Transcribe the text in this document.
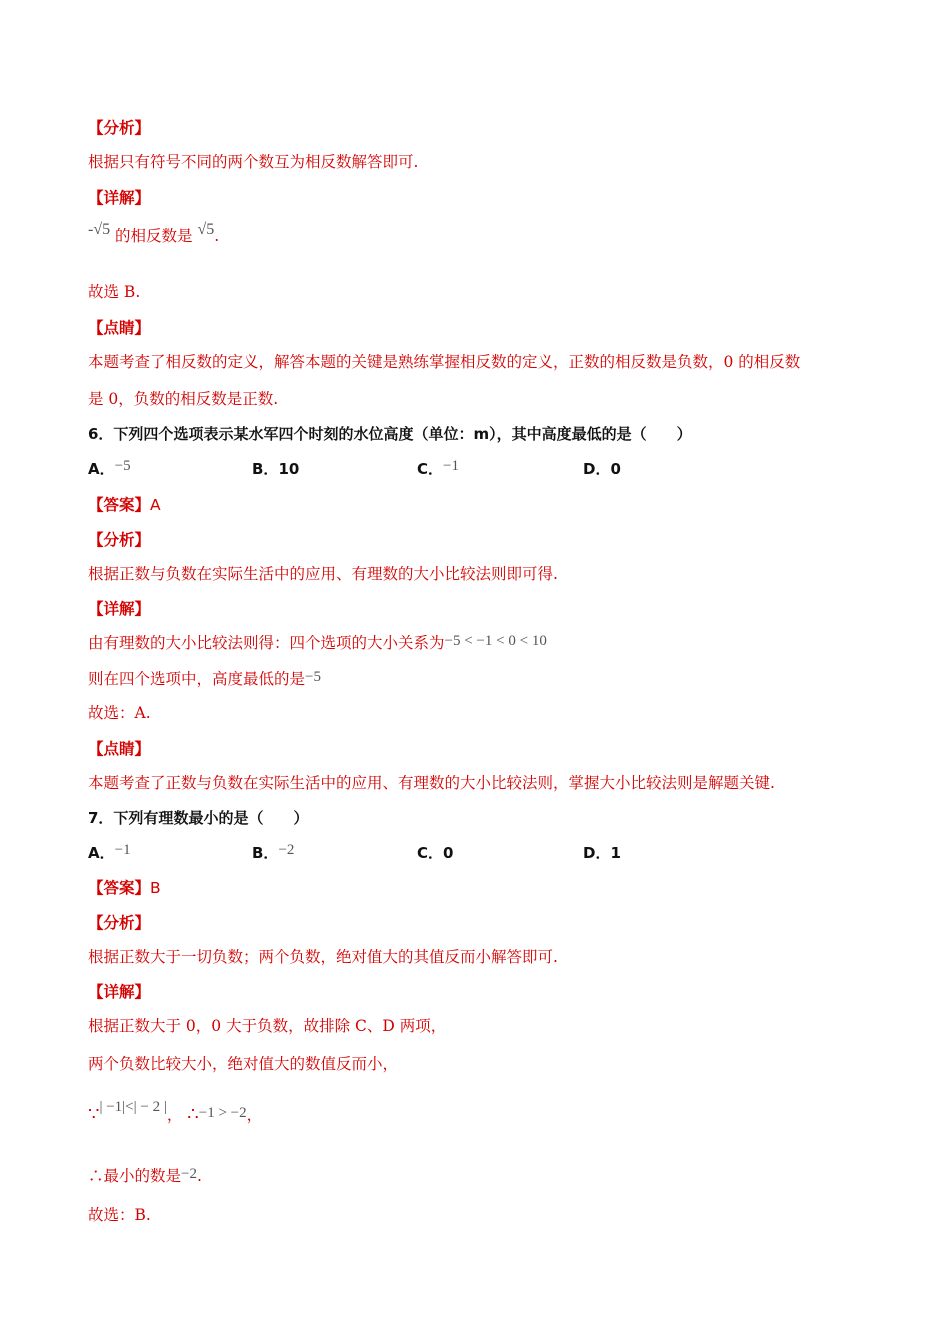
【分析】
根据只有符号不同的两个数互为相反数解答即可.
【详解】
-√5 的相反数是 √5.
故选 B.
【点睛】
本题考查了相反数的定义，解答本题的关键是熟练掌握相反数的定义，正数的相反数是负数，0 的相反数
是 0，负数的相反数是正数.
6．下列四个选项表示某水军四个时刻的水位高度（单位：m），其中高度最低的是（　　）
A．−5	B．10	C．−1	D．0
【答案】A
【分析】
根据正数与负数在实际生活中的应用、有理数的大小比较法则即可得.
【详解】
由有理数的大小比较法则得：四个选项的大小关系为−5 < −1 < 0 < 10
则在四个选项中，高度最低的是−5
故选：A.
【点睛】
本题考查了正数与负数在实际生活中的应用、有理数的大小比较法则，掌握大小比较法则是解题关键.
7．下列有理数最小的是（　　）
A．−1	B．−2	C．0	D．1
【答案】B
【分析】
根据正数大于一切负数；两个负数，绝对值大的其值反而小解答即可.
【详解】
根据正数大于 0，0 大于负数，故排除 C、D 两项，
两个负数比较大小，绝对值大的数值反而小，
∵| −1|<| − 2 |， ∴−1 > −2，
∴最小的数是−2.
故选：B.
